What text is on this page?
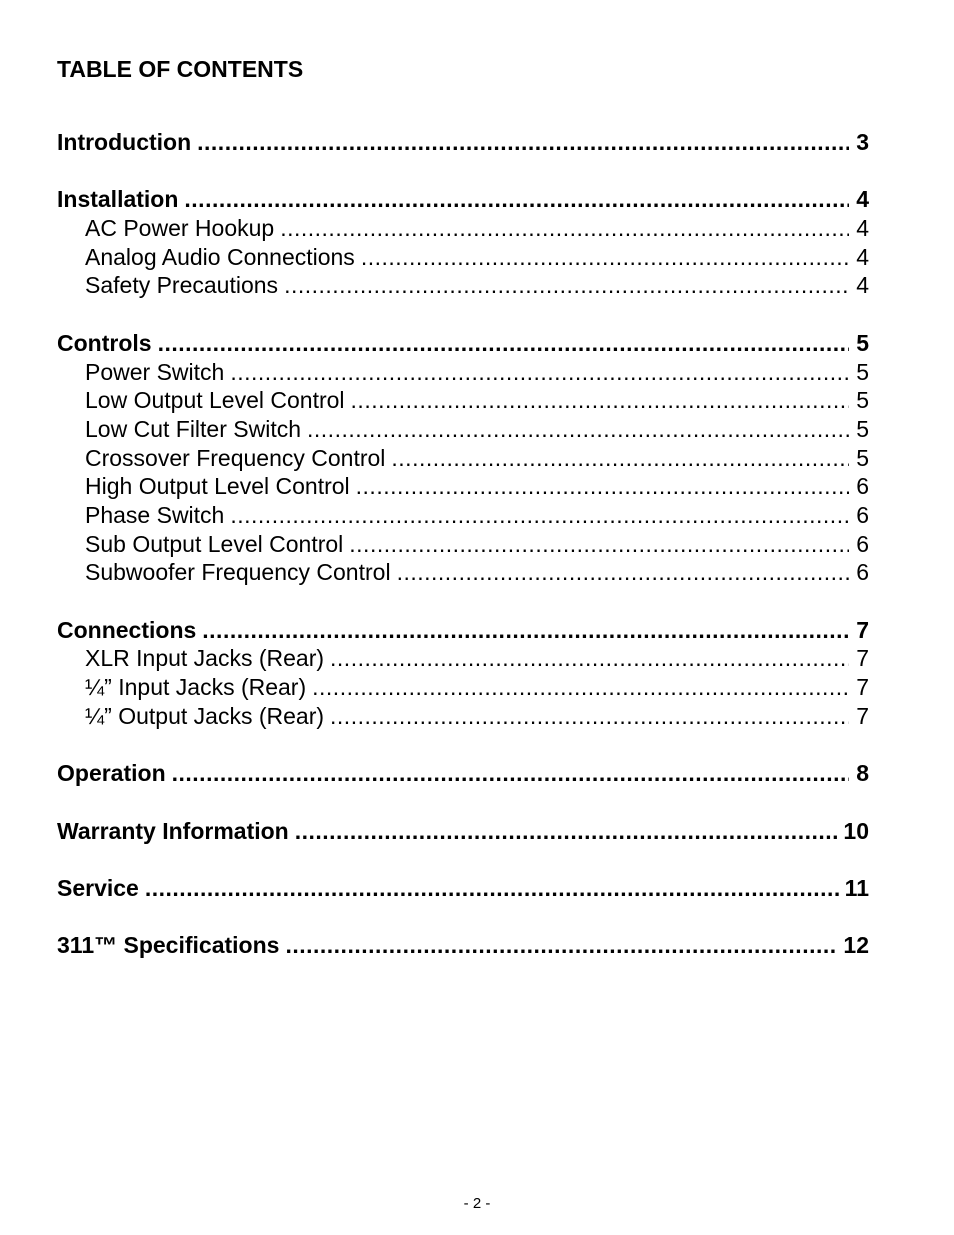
TABLE OF CONTENTS
Introduction .....	3
Installation .....	4
AC Power Hookup .....	4
Analog Audio Connections .....	4
Safety Precautions .....	4
Controls .....	5
Power Switch .....	5
Low Output Level Control .....	5
Low Cut Filter Switch .....	5
Crossover Frequency Control .....	5
High Output Level Control .....	6
Phase Switch .....	6
Sub Output Level Control .....	6
Subwoofer Frequency Control .....	6
Connections .....	7
XLR Input Jacks (Rear) .....	7
¼” Input Jacks (Rear) .....	7
¼” Output Jacks (Rear) .....	7
Operation .....	8
Warranty Information .....	10
Service .....	11
311™ Specifications .....	12
- 2 -
